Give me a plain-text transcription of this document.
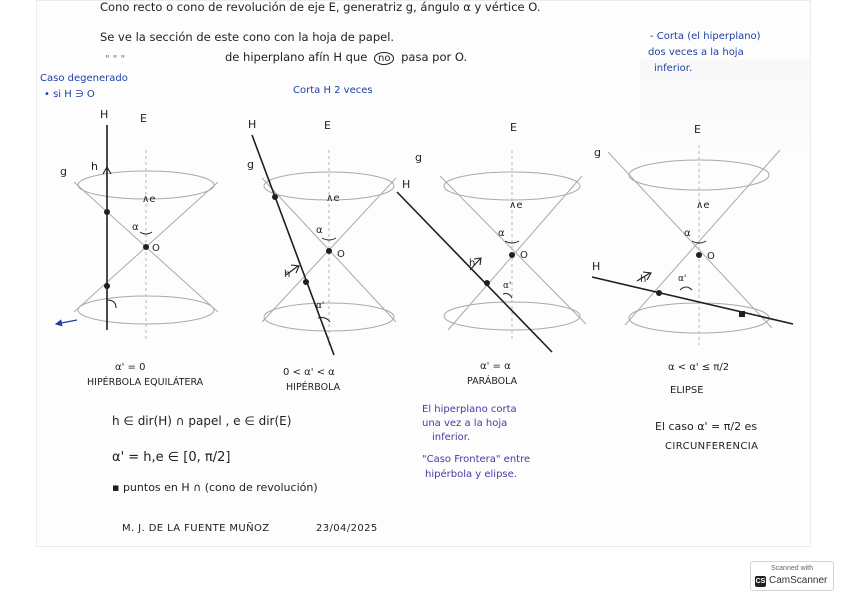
Cono recto o cono de revolución de eje E, generatriz g, ángulo α y vértice O.
Se ve la sección de este cono con la hoja de papel.
" " "	de hiperplano afín H que no pasa por O.
- Corta (el hiperplano)
dos veces a la hoja
inferior.
Caso degenerado
• si H ∋ O	Corta H 2 veces
H	E
g h
∧e
α
O
α' = 0
HIPÉRBOLA EQUILÁTERA
H	E
g
h
∧e
α
α'
O
0 < α' < α
HIPÉRBOLA
H
E
g
h
∧e
α
α'
O
α' = α
PARÁBOLA
H
E
g
h
∧e
α
α'
O
α < α' ≤ π/2
ELIPSE
h ∈ dir(H) ∩ papel , e ∈ dir(E)
α' = h,e ∈ [0, π/2]
▪ puntos en H ∩ (cono de revolución)
El hiperplano corta
una vez a la hoja
inferior.
"Caso Frontera" entre
hipérbola y elipse.
El caso α' = π/2 es
CIRCUNFERENCIA
M. J. DE LA FUENTE MUÑOZ	23/04/2025
Scanned with
CS CamScanner
